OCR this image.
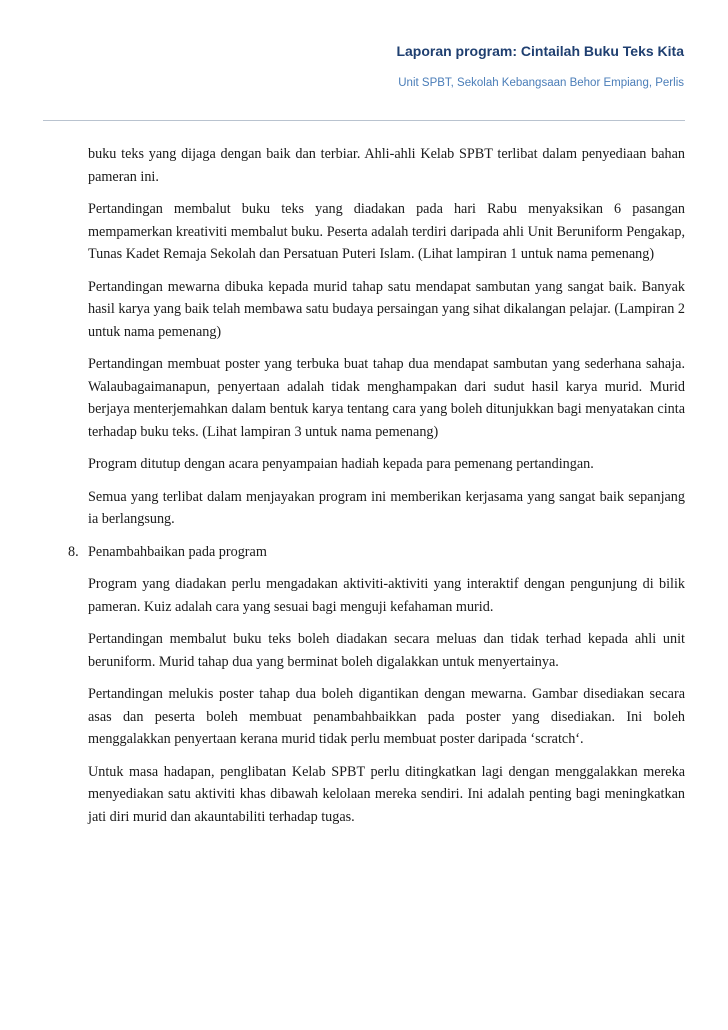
Laporan program: Cintailah Buku Teks Kita
Unit SPBT, Sekolah Kebangsaan Behor Empiang, Perlis

buku teks yang dijaga dengan baik dan terbiar. Ahli-ahli Kelab SPBT terlibat dalam penyediaan bahan pameran ini.

Pertandingan membalut buku teks yang diadakan pada hari Rabu menyaksikan 6 pasangan mempamerkan kreativiti membalut buku. Peserta adalah terdiri daripada ahli Unit Beruniform Pengakap, Tunas Kadet Remaja Sekolah dan Persatuan Puteri Islam. (Lihat lampiran 1 untuk nama pemenang)

Pertandingan mewarna dibuka kepada murid tahap satu mendapat sambutan yang sangat baik. Banyak hasil karya yang baik telah membawa satu budaya persaingan yang sihat dikalangan pelajar. (Lampiran 2 untuk nama pemenang)

Pertandingan membuat poster yang terbuka buat tahap dua mendapat sambutan yang sederhana sahaja. Walaubagaimanapun, penyertaan adalah tidak menghampakan dari sudut hasil karya murid. Murid berjaya menterjemahkan dalam bentuk karya tentang cara yang boleh ditunjukkan bagi menyatakan cinta terhadap buku teks. (Lihat lampiran 3 untuk nama pemenang)

Program ditutup dengan acara penyampaian hadiah kepada para pemenang pertandingan.

Semua yang terlibat dalam menjayakan program ini memberikan kerjasama yang sangat baik sepanjang ia berlangsung.

8. Penambahbaikan pada program

Program yang diadakan perlu mengadakan aktiviti-aktiviti yang interaktif dengan pengunjung di bilik pameran. Kuiz adalah cara yang sesuai bagi menguji kefahaman murid.

Pertandingan membalut buku teks boleh diadakan secara meluas dan tidak terhad kepada ahli unit beruniform. Murid tahap dua yang berminat boleh digalakkan untuk menyertainya.

Pertandingan melukis poster tahap dua boleh digantikan dengan mewarna. Gambar disediakan secara asas dan peserta boleh membuat penambahbaikkan pada poster yang disediakan. Ini boleh menggalakkan penyertaan kerana murid tidak perlu membuat poster daripada ‘scratch‘.

Untuk masa hadapan, penglibatan Kelab SPBT perlu ditingkatkan lagi dengan menggalakkan mereka menyediakan satu aktiviti khas dibawah kelolaan mereka sendiri. Ini adalah penting bagi meningkatkan jati diri murid dan akauntabiliti terhadap tugas.
